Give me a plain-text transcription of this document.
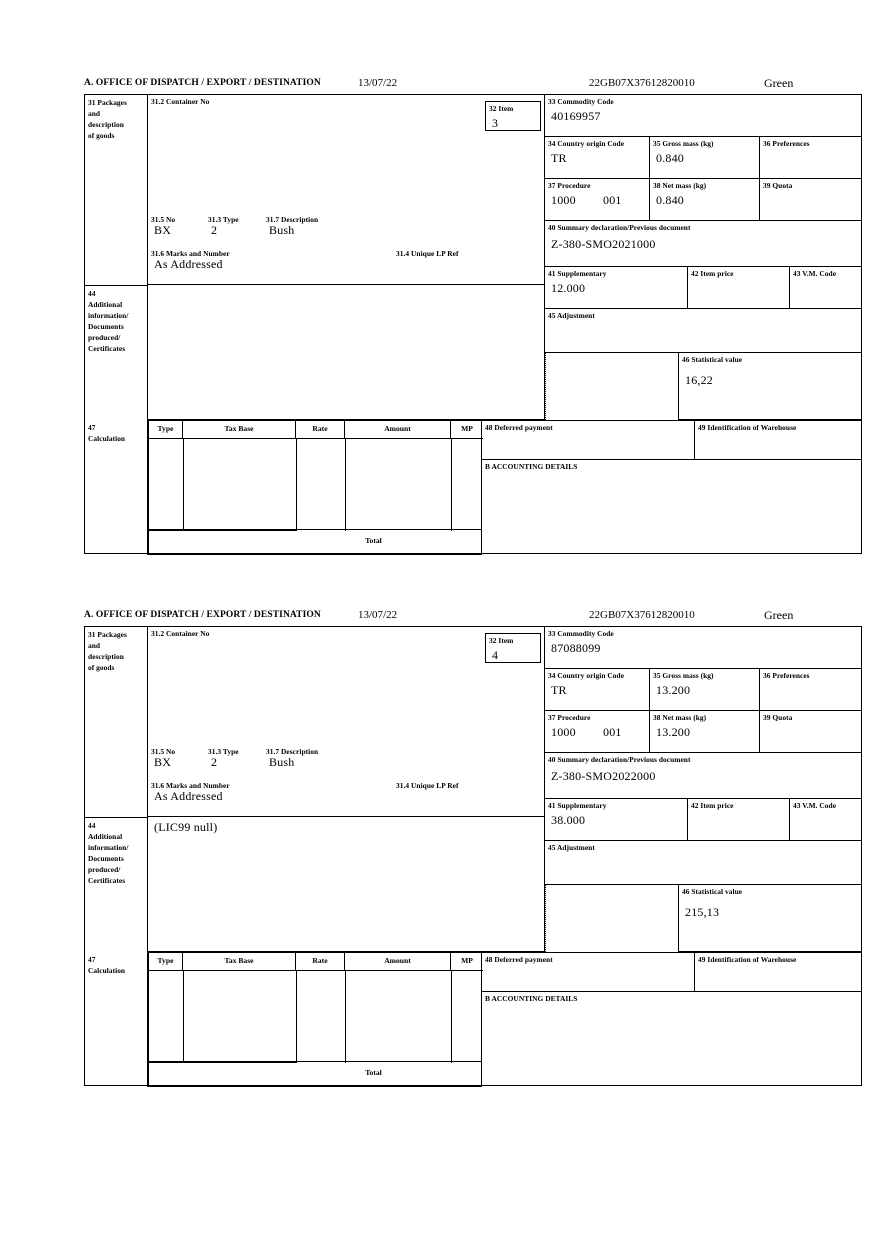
A. OFFICE OF DISPATCH / EXPORT / DESTINATION	13/07/22	22GB07X37612820010	Green
31 Packages
and
description
of goods
31.2 Container No
31.5 No	31.3 Type	31.7 Description
BX	2	Bush
31.6 Marks and Number	31.4 Unique LP Ref
As Addressed
32 Item
3
33 Commodity Code
40169957
34 Country origin Code
TR
35 Gross mass (kg)
0.840
36 Preferences
37 Procedure
1000	001
38 Net mass (kg)
0.840
39 Quota
40 Summary declaration/Previous document
Z-380-SMO2021000
41 Supplementary
12.000
42 Item price	43 V.M. Code
44
Additional
information/
Documents
produced/
Certificates
45 Adjustment
46 Statistical value
16,22
47
Calculation
Type	Tax Base	Rate	Amount	MP
Total
48 Deferred payment	49 Identification of Warehouse
B ACCOUNTING DETAILS
A. OFFICE OF DISPATCH / EXPORT / DESTINATION	13/07/22	22GB07X37612820010	Green
31 Packages
and
description
of goods
31.2 Container No
31.5 No	31.3 Type	31.7 Description
BX	2	Bush
31.6 Marks and Number	31.4 Unique LP Ref
As Addressed
32 Item
4
33 Commodity Code
87088099
34 Country origin Code
TR
35 Gross mass (kg)
13.200
36 Preferences
37 Procedure
1000	001
38 Net mass (kg)
13.200
39 Quota
40 Summary declaration/Previous document
Z-380-SMO2022000
41 Supplementary
38.000
42 Item price	43 V.M. Code
44
Additional
information/
Documents
produced/
Certificates
(LIC99 null)
45 Adjustment
46 Statistical value
215,13
47
Calculation
Type	Tax Base	Rate	Amount	MP
Total
48 Deferred payment	49 Identification of Warehouse
B ACCOUNTING DETAILS
